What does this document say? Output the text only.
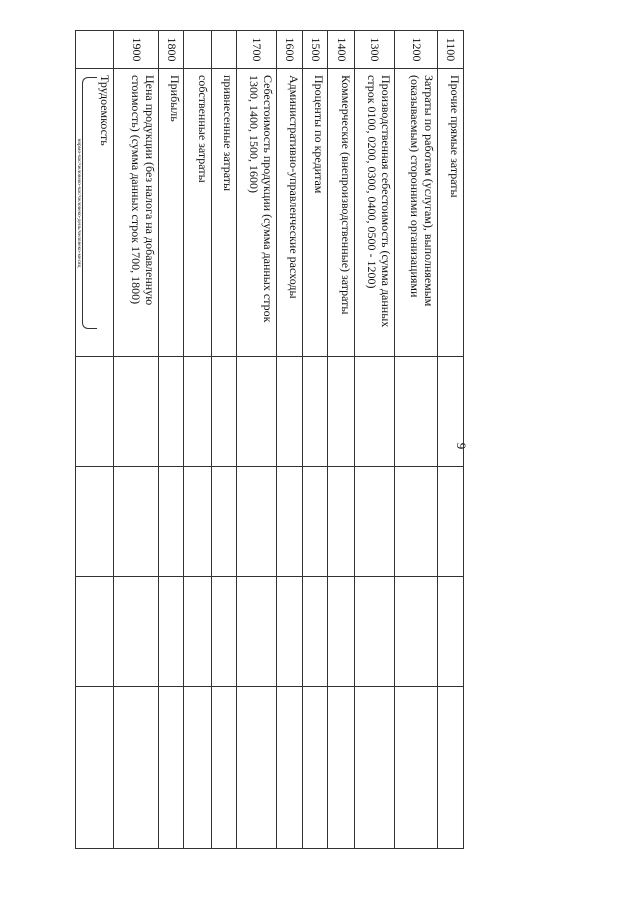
9
1100	Прочие прямые затраты				
1200	Затраты по работам (услугам), выполняемым (оказываемым) сторонними организациями				
1300	Производственная себестоимость (сумма данных строк 0100, 0200, 0300, 0400, 0500 - 1200)				
1400	Коммерческие (внепроизводственные) затраты				
1500	Проценты по кредитам				
1600	Административно-управленческие расходы				
1700	Себестоимость продукции (сумма данных строк 1300, 1400, 1500, 1600)				
	привнесенные затраты				
	собственные затраты				
1800	Прибыль				
1900	Цена продукции (без налога на добавленную стоимость) (сумма данных строк 1700, 1800)				
	Трудоемкость
нормо-час/человеко-час/человеко-день/человеко-месяц				
